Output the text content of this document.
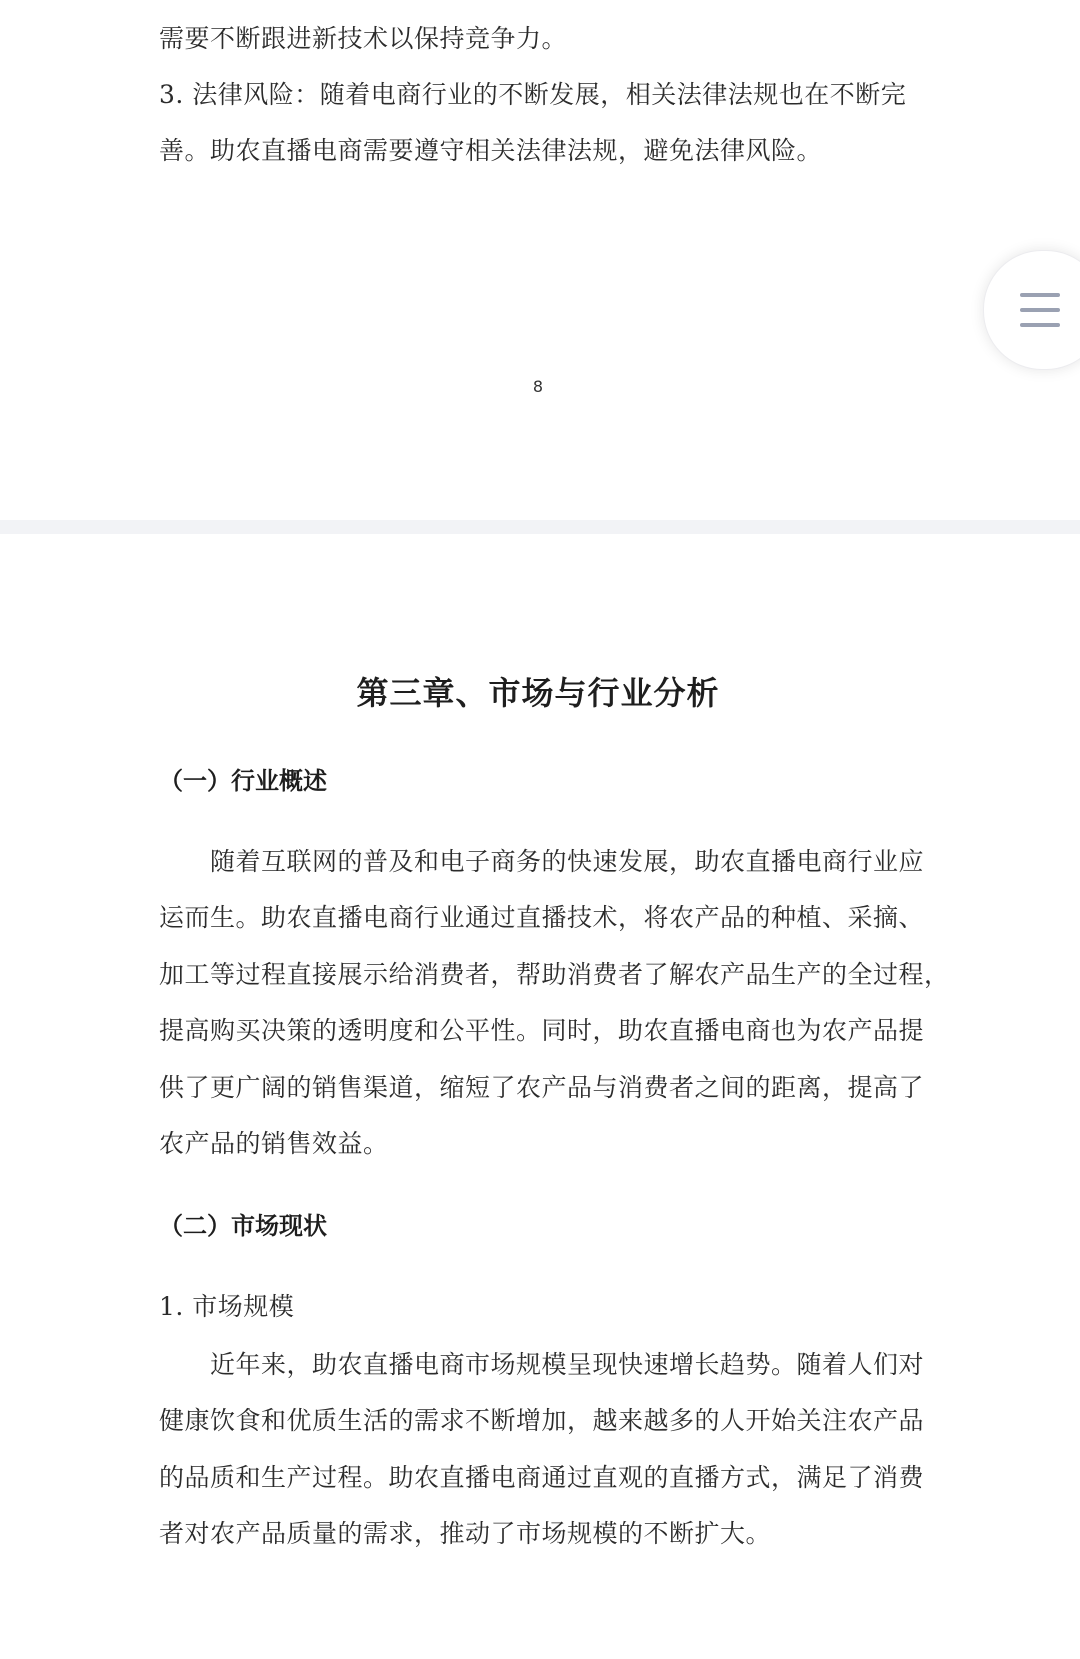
需要不断跟进新技术以保持竞争力。
3. 法律风险：随着电商行业的不断发展，相关法律法规也在不断完
善。助农直播电商需要遵守相关法律法规，避免法律风险。
8
第三章、市场与行业分析
（一）行业概述
随着互联网的普及和电子商务的快速发展，助农直播电商行业应
运而生。助农直播电商行业通过直播技术，将农产品的种植、采摘、
加工等过程直接展示给消费者，帮助消费者了解农产品生产的全过程，
提高购买决策的透明度和公平性。同时，助农直播电商也为农产品提
供了更广阔的销售渠道，缩短了农产品与消费者之间的距离，提高了
农产品的销售效益。
（二）市场现状
1. 市场规模
近年来，助农直播电商市场规模呈现快速增长趋势。随着人们对
健康饮食和优质生活的需求不断增加，越来越多的人开始关注农产品
的品质和生产过程。助农直播电商通过直观的直播方式，满足了消费
者对农产品质量的需求，推动了市场规模的不断扩大。
